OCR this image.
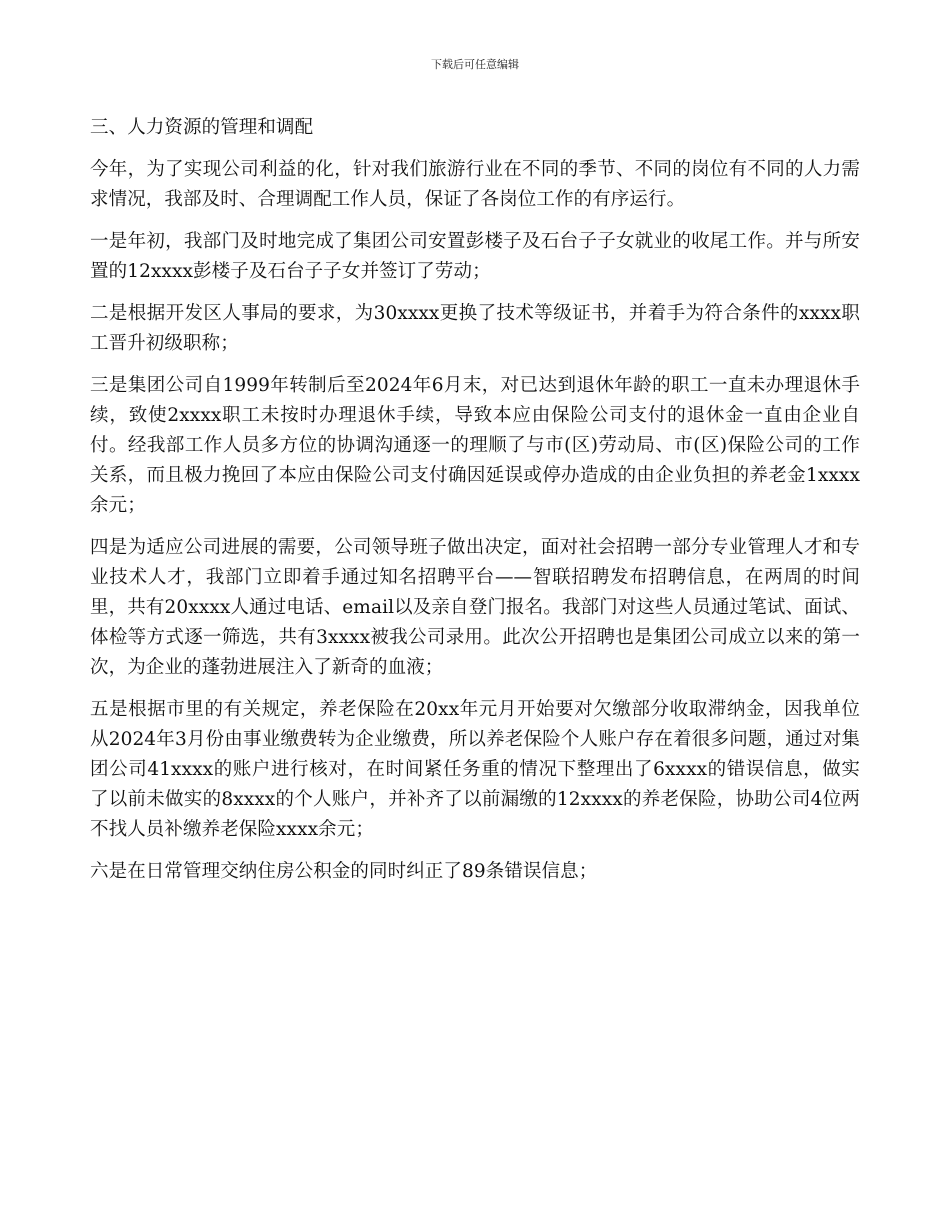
下载后可任意编辑

三、人力资源的管理和调配

今年，为了实现公司利益的化，针对我们旅游行业在不同的季节、不同的岗位有不同的人力需求情况，我部及时、合理调配工作人员，保证了各岗位工作的有序运行。

一是年初，我部门及时地完成了集团公司安置彭楼子及石台子子女就业的收尾工作。并与所安置的12xxxx彭楼子及石台子子女并签订了劳动；

二是根据开发区人事局的要求，为30xxxx更换了技术等级证书，并着手为符合条件的xxxx职工晋升初级职称；

三是集团公司自1999年转制后至2024年6月末，对已达到退休年龄的职工一直未办理退休手续，致使2xxxx职工未按时办理退休手续，导致本应由保险公司支付的退休金一直由企业自付。经我部工作人员多方位的协调沟通逐一的理顺了与市(区)劳动局、市(区)保险公司的工作关系，而且极力挽回了本应由保险公司支付确因延误或停办造成的由企业负担的养老金1xxxx余元；

四是为适应公司进展的需要，公司领导班子做出决定，面对社会招聘一部分专业管理人才和专业技术人才，我部门立即着手通过知名招聘平台——智联招聘发布招聘信息，在两周的时间里，共有20xxxx人通过电话、email以及亲自登门报名。我部门对这些人员通过笔试、面试、体检等方式逐一筛选，共有3xxxx被我公司录用。此次公开招聘也是集团公司成立以来的第一次，为企业的蓬勃进展注入了新奇的血液；

五是根据市里的有关规定，养老保险在20xx年元月开始要对欠缴部分收取滞纳金，因我单位从2024年3月份由事业缴费转为企业缴费，所以养老保险个人账户存在着很多问题，通过对集团公司41xxxx的账户进行核对，在时间紧任务重的情况下整理出了6xxxx的错误信息，做实了以前未做实的8xxxx的个人账户，并补齐了以前漏缴的12xxxx的养老保险，协助公司4位两不找人员补缴养老保险xxxx余元；

六是在日常管理交纳住房公积金的同时纠正了89条错误信息；
